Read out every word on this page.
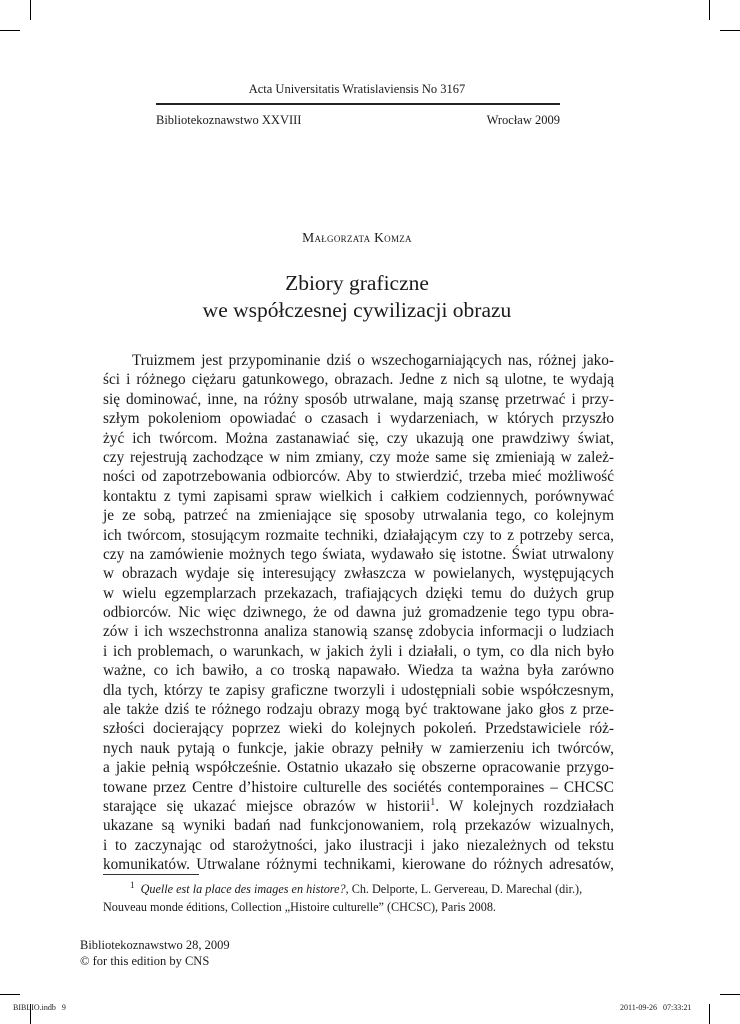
Acta Universitatis Wratislaviensis No 3167
Bibliotekoznawstwo XXVIII	Wrocław 2009
Małgorzata Komza
Zbiory graficzne
we współczesnej cywilizacji obrazu
Truizmem jest przypominanie dziś o wszechogarniających nas, różnej jako-
ści i różnego ciężaru gatunkowego, obrazach. Jedne z nich są ulotne, te wydają
się dominować, inne, na różny sposób utrwalane, mają szansę przetrwać i przy-
szłym pokoleniom opowiadać o czasach i wydarzeniach, w których przyszło
żyć ich twórcom. Można zastanawiać się, czy ukazują one prawdziwy świat,
czy rejestrują zachodzące w nim zmiany, czy może same się zmieniają w zależ-
ności od zapotrzebowania odbiorców. Aby to stwierdzić, trzeba mieć możliwość
kontaktu z tymi zapisami spraw wielkich i całkiem codziennych, porównywać
je ze sobą, patrzeć na zmieniające się sposoby utrwalania tego, co kolejnym
ich twórcom, stosującym rozmaite techniki, działającym czy to z potrzeby serca,
czy na zamówienie możnych tego świata, wydawało się istotne. Świat utrwalony
w obrazach wydaje się interesujący zwłaszcza w powielanych, występujących
w wielu egzemplarzach przekazach, trafiających dzięki temu do dużych grup
odbiorców. Nic więc dziwnego, że od dawna już gromadzenie tego typu obra-
zów i ich wszechstronna analiza stanowią szansę zdobycia informacji o ludziach
i ich problemach, o warunkach, w jakich żyli i działali, o tym, co dla nich było
ważne, co ich bawiło, a co troską napawało. Wiedza ta ważna była zarówno
dla tych, którzy te zapisy graficzne tworzyli i udostępniali sobie współczesnym,
ale także dziś te różnego rodzaju obrazy mogą być traktowane jako głos z prze-
szłości docierający poprzez wieki do kolejnych pokoleń. Przedstawiciele róż-
nych nauk pytają o funkcje, jakie obrazy pełniły w zamierzeniu ich twórców,
a jakie pełnią współcześnie. Ostatnio ukazało się obszerne opracowanie przygo-
towane przez Centre d’histoire culturelle des sociétés contemporaines – CHCSC
starające się ukazać miejsce obrazów w historii$^1$. W kolejnych rozdziałach
ukazane są wyniki badań nad funkcjonowaniem, rolą przekazów wizualnych,
i to zaczynając od starożytności, jako ilustracji i jako niezależnych od tekstu
komunikatów. Utrwalane różnymi technikami, kierowane do różnych adresatów,
$^1$ Quelle est la place des images en histore?, Ch. Delporte, L. Gervereau, D. Marechal (dir.),
Nouveau monde éditions, Collection „Histoire culturelle” (CHCSC), Paris 2008.
Bibliotekoznawstwo 28, 2009
© for this edition by CNS
BIBLIO.indb   9	2011-09-26   07:33:21
